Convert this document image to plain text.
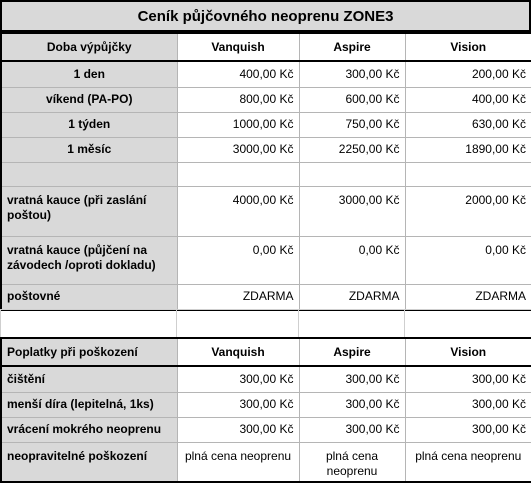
Ceník půjčovného neoprenu ZONE3
Doba výpůjčky	Vanquish	Aspire	Vision
1 den	400,00 Kč	300,00 Kč	200,00 Kč
víkend (PA-PO)	800,00 Kč	600,00 Kč	400,00 Kč
1 týden	1000,00 Kč	750,00 Kč	630,00 Kč
1 měsíc	3000,00 Kč	2250,00 Kč	1890,00 Kč

vratná kauce (při zaslání poštou)	4000,00 Kč	3000,00 Kč	2000,00 Kč
vratná kauce (půjčení na závodech /oproti dokladu)	0,00 Kč	0,00 Kč	0,00 Kč
poštovné	ZDARMA	ZDARMA	ZDARMA

Poplatky při poškození	Vanquish	Aspire	Vision
čištění	300,00 Kč	300,00 Kč	300,00 Kč
menší díra (lepitelná, 1ks)	300,00 Kč	300,00 Kč	300,00 Kč
vrácení mokrého neoprenu	300,00 Kč	300,00 Kč	300,00 Kč
neopravitelné poškození	plná cena neoprenu	plná cena neoprenu	plná cena neoprenu
